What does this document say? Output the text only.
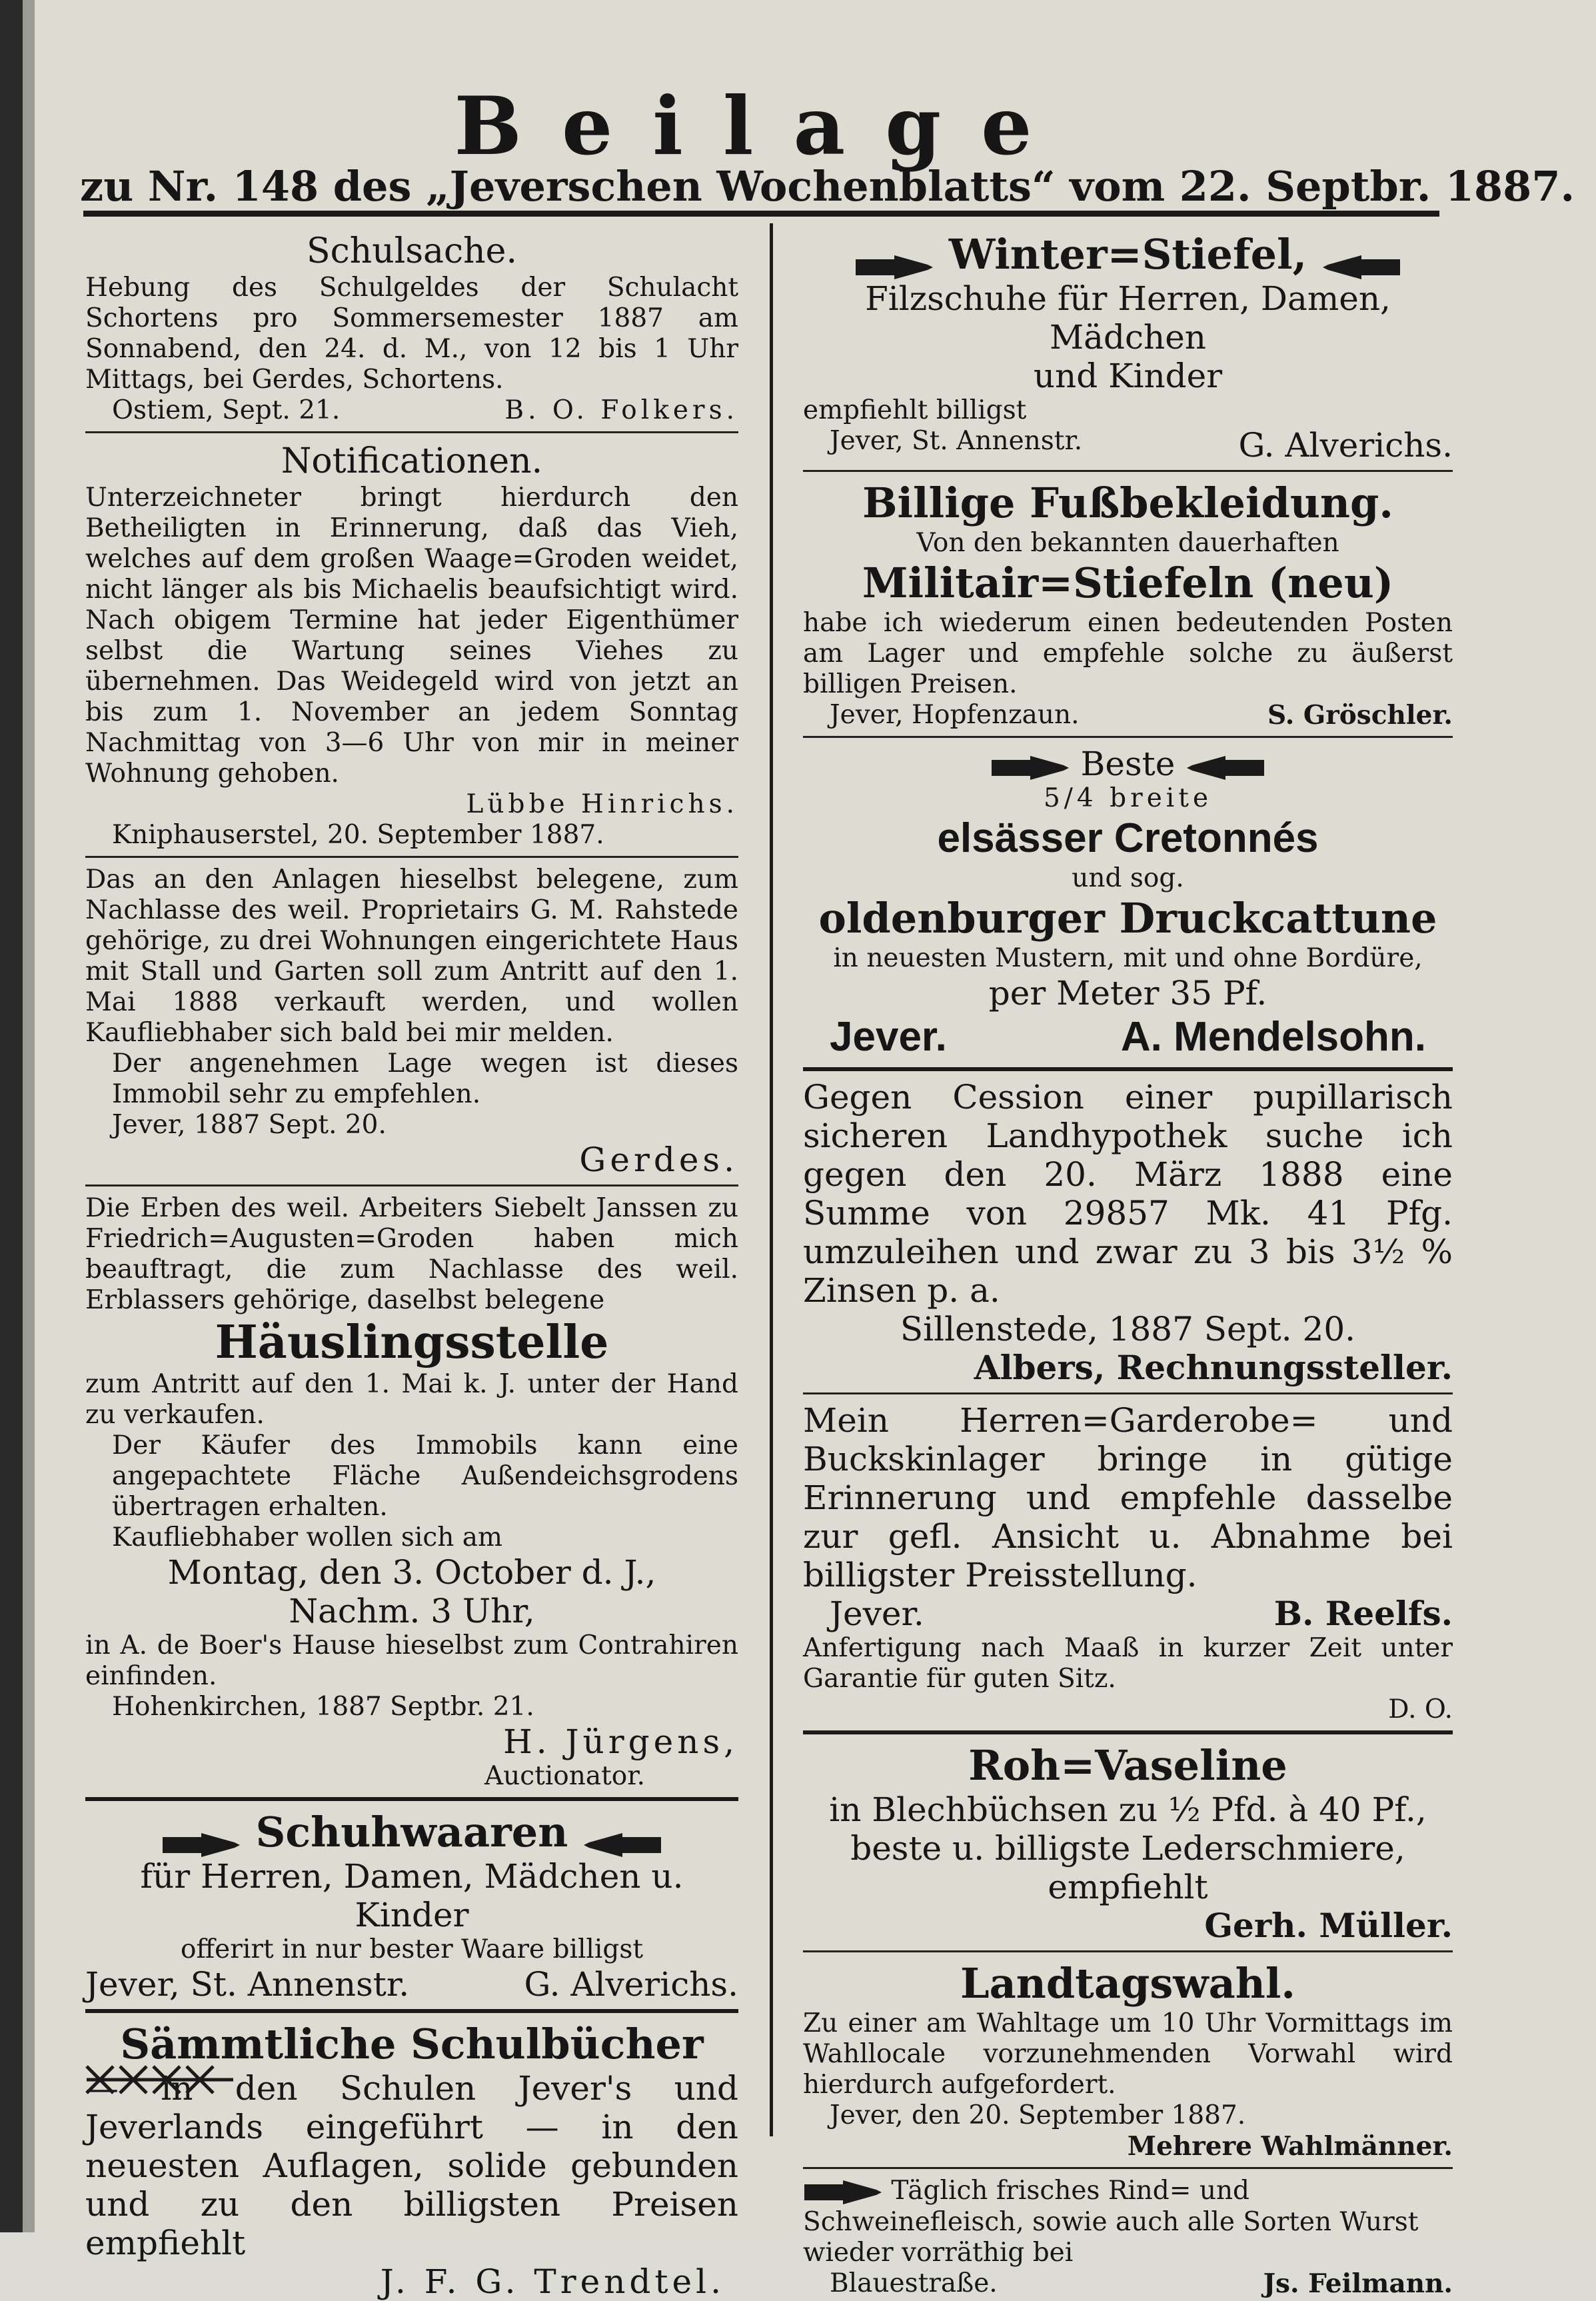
Beilage
zu Nr. 148 des „Jeverschen Wochenblatts“ vom 22. Septbr. 1887.
Schulsache.
Hebung des Schulgeldes der Schulacht Schortens pro Sommersemester 1887 am Sonnabend, den 24. d. M., von 12 bis 1 Uhr Mittags, bei Gerdes, Schortens.
Ostiem, Sept. 21.	B. O. Folkers.
Notificationen.
Unterzeichneter bringt hierdurch den Betheiligten in Erinnerung, daß das Vieh, welches auf dem großen Waage=Groden weidet, nicht länger als bis Michaelis beaufsichtigt wird. Nach obigem Termine hat jeder Eigenthümer selbst die Wartung seines Viehes zu übernehmen. Das Weidegeld wird von jetzt an bis zum 1. November an jedem Sonntag Nachmittag von 3—6 Uhr von mir in meiner Wohnung gehoben.
Lübbe Hinrichs.
Kniphauserstel, 20. September 1887.
Das an den Anlagen hieselbst belegene, zum Nachlasse des weil. Proprietairs G. M. Rahstede gehörige, zu drei Wohnungen eingerichtete Haus mit Stall und Garten soll zum Antritt auf den 1. Mai 1888 verkauft werden, und wollen Kaufliebhaber sich bald bei mir melden.
Der angenehmen Lage wegen ist dieses Immobil sehr zu empfehlen.
Jever, 1887 Sept. 20.
Gerdes.
Die Erben des weil. Arbeiters Siebelt Janssen zu Friedrich=Augusten=Groden haben mich beauftragt, die zum Nachlasse des weil. Erblassers gehörige, daselbst belegene
Häuslingsstelle
zum Antritt auf den 1. Mai k. J. unter der Hand zu verkaufen.
Der Käufer des Immobils kann eine angepachtete Fläche Außendeichsgrodens übertragen erhalten.
Kaufliebhaber wollen sich am
Montag, den 3. October d. J.,
Nachm. 3 Uhr,
in A. de Boer's Hause hieselbst zum Contrahiren einfinden.
Hohenkirchen, 1887 Septbr. 21.
H. Jürgens,
Auctionator.
Schuhwaaren
für Herren, Damen, Mädchen u. Kinder
offerirt in nur bester Waare billigst
Jever, St. Annenstr.	G. Alverichs.
Sämmtliche Schulbücher
— in den Schulen Jever's und Jeverlands eingeführt — in den neuesten Auflagen, solide gebunden und zu den billigsten Preisen empfiehlt
J. F. G. Trendtel.
Winter=Stiefel,
Filzschuhe für Herren, Damen, Mädchen
und Kinder
empfiehlt billigst
Jever, St. Annenstr.	G. Alverichs.
Billige Fußbekleidung.
Von den bekannten dauerhaften
Militair=Stiefeln (neu)
habe ich wiederum einen bedeutenden Posten am Lager und empfehle solche zu äußerst billigen Preisen.
Jever, Hopfenzaun.	S. Gröschler.
Beste
5/4 breite
elsässer Cretonnés
und sog.
oldenburger Druckcattune
in neuesten Mustern, mit und ohne Bordüre,
per Meter 35 Pf.
Jever.	A. Mendelsohn.
Gegen Cession einer pupillarisch sicheren Landhypothek suche ich gegen den 20. März 1888 eine Summe von 29857 Mk. 41 Pfg. umzuleihen und zwar zu 3 bis 3½ % Zinsen p. a.
Sillenstede, 1887 Sept. 20.
Albers, Rechnungssteller.
Mein Herren=Garderobe= und Buckskinlager bringe in gütige Erinnerung und empfehle dasselbe zur gefl. Ansicht u. Abnahme bei billigster Preisstellung.
Jever.	B. Reelfs.
Anfertigung nach Maaß in kurzer Zeit unter Garantie für guten Sitz.
D. O.
Roh=Vaseline
in Blechbüchsen zu ½ Pfd. à 40 Pf.,
beste u. billigste Lederschmiere, empfiehlt
Gerh. Müller.
Landtagswahl.
Zu einer am Wahltage um 10 Uhr Vormittags im Wahllocale vorzunehmenden Vorwahl wird hierdurch aufgefordert.
Jever, den 20. September 1887.
Mehrere Wahlmänner.
Täglich frisches Rind= und Schweinefleisch, sowie auch alle Sorten Wurst wieder vorräthig bei
Blauestraße.	Js. Feilmann.
